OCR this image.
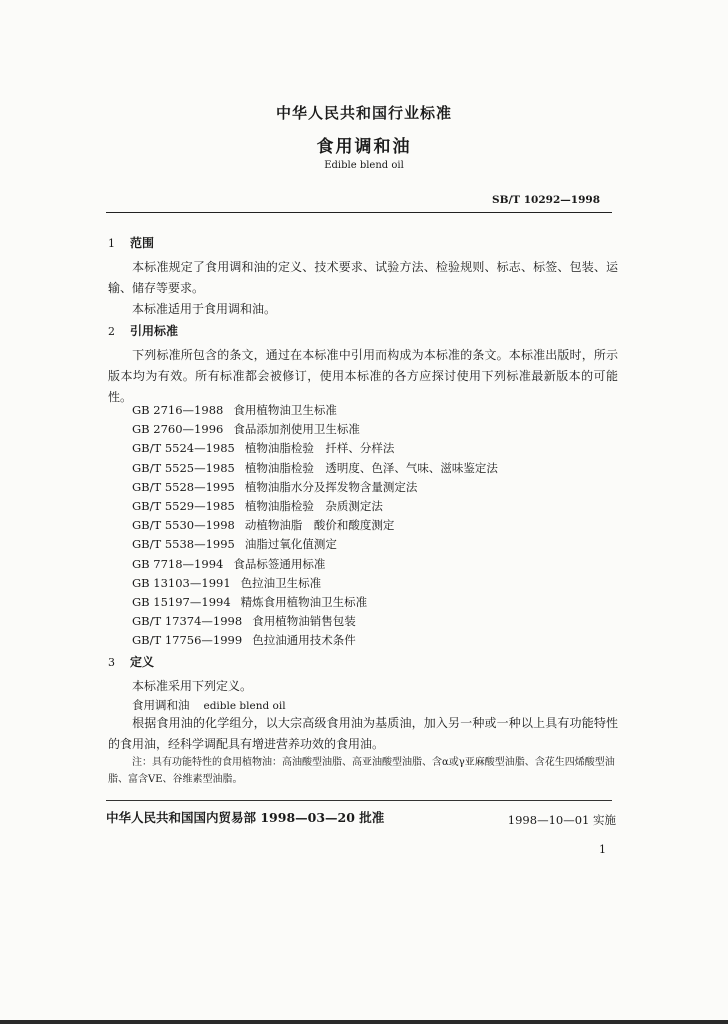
中华人民共和国行业标准
食用调和油
Edible blend oil
SB/T 10292—1998
1 范围
本标准规定了食用调和油的定义、技术要求、试验方法、检验规则、标志、标签、包装、运输、储存等要求。
本标准适用于食用调和油。
2 引用标准
下列标准所包含的条文，通过在本标准中引用而构成为本标准的条文。本标准出版时，所示版本均为有效。所有标准都会被修订，使用本标准的各方应探讨使用下列标准最新版本的可能性。
GB 2716—1988 食用植物油卫生标准
GB 2760—1996 食品添加剂使用卫生标准
GB/T 5524—1985 植物油脂检验　扦样、分样法
GB/T 5525—1985 植物油脂检验　透明度、色泽、气味、滋味鉴定法
GB/T 5528—1995 植物油脂水分及挥发物含量测定法
GB/T 5529—1985 植物油脂检验　杂质测定法
GB/T 5530—1998 动植物油脂　酸价和酸度测定
GB/T 5538—1995 油脂过氧化值测定
GB 7718—1994 食品标签通用标准
GB 13103—1991 色拉油卫生标准
GB 15197—1994 精炼食用植物油卫生标准
GB/T 17374—1998 食用植物油销售包装
GB/T 17756—1999 色拉油通用技术条件
3 定义
本标准采用下列定义。
食用调和油 edible blend oil
根据食用油的化学组分，以大宗高级食用油为基质油，加入另一种或一种以上具有功能特性的食用油，经科学调配具有增进营养功效的食用油。
注：具有功能特性的食用植物油：高油酸型油脂、高亚油酸型油脂、含α或γ亚麻酸型油脂、含花生四烯酸型油脂、富含VE、谷维素型油脂。
中华人民共和国国内贸易部 1998—03—20 批准	1998—10—01 实施
1
